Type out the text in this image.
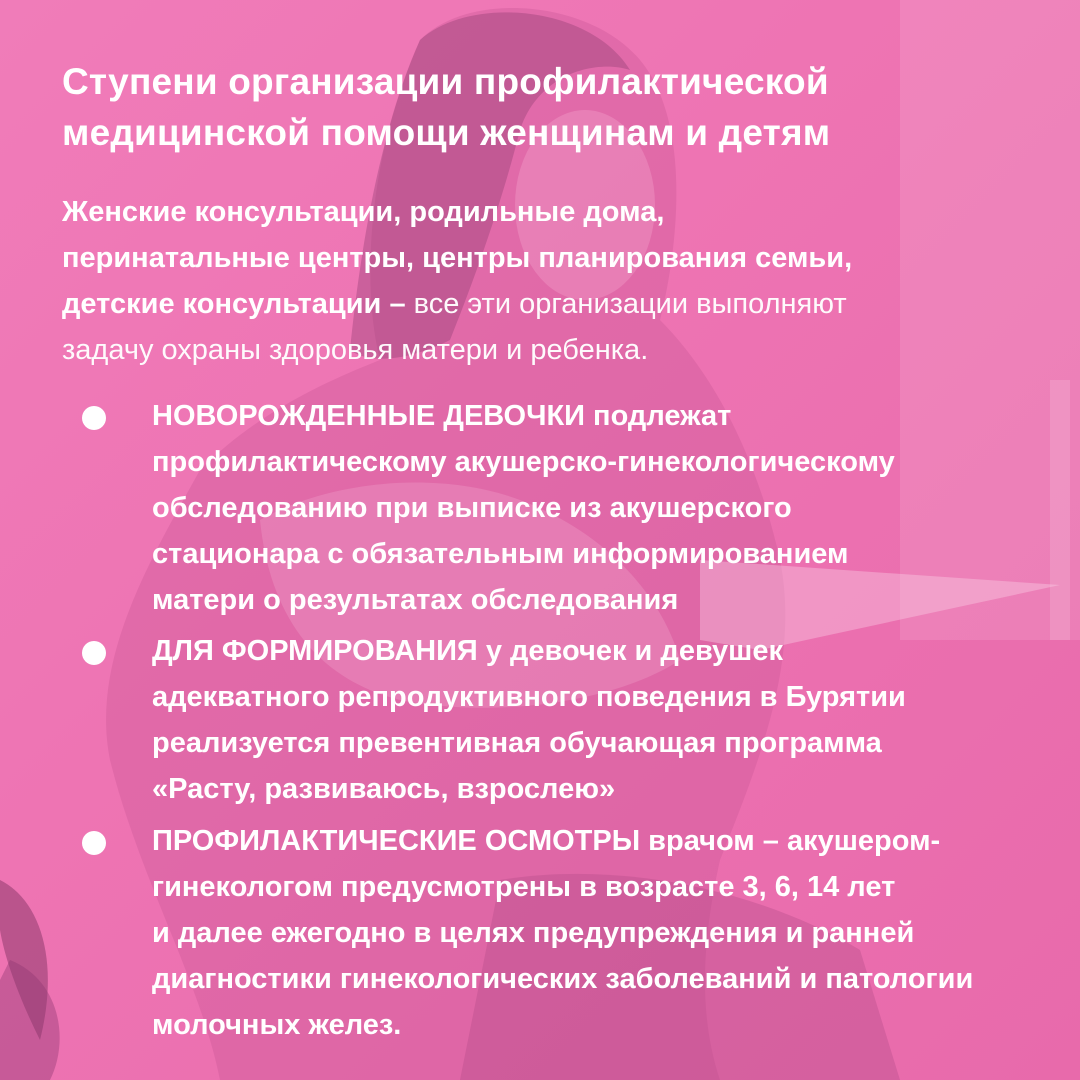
Ступени организации профилактической
медицинской помощи женщинам и детям
Женские консультации, родильные дома,
перинатальные центры, центры планирования семьи,
детские консультации – все эти организации выполняют
задачу охраны здоровья матери и ребенка.
НОВОРОЖДЕННЫЕ ДЕВОЧКИ подлежат
профилактическому акушерско-гинекологическому
обследованию при выписке из акушерского
стационара с обязательным информированием
матери о результатах обследования
ДЛЯ ФОРМИРОВАНИЯ у девочек и девушек
адекватного репродуктивного поведения в Бурятии
реализуется превентивная обучающая программа
«Расту, развиваюсь, взрослею»
ПРОФИЛАКТИЧЕСКИЕ ОСМОТРЫ врачом – акушером-
гинекологом предусмотрены в возрасте 3, 6, 14 лет
и далее ежегодно в целях предупреждения и ранней
диагностики гинекологических заболеваний и патологии
молочных желез.
